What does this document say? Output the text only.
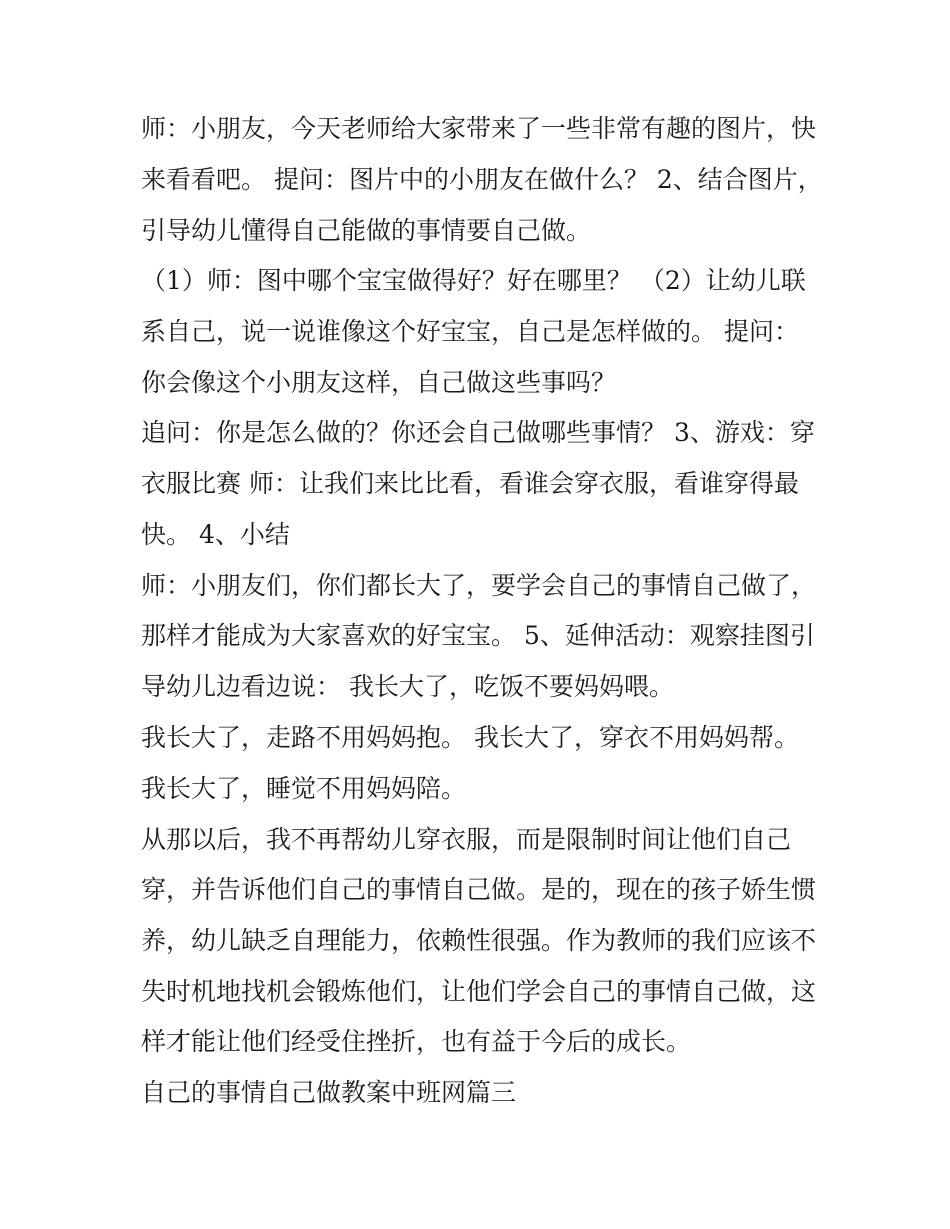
师：小朋友，今天老师给大家带来了一些非常有趣的图片，快

来看看吧。 提问：图片中的小朋友在做什么？ 2、结合图片，

引导幼儿懂得自己能做的事情要自己做。

（1）师：图中哪个宝宝做得好？好在哪里？ （2）让幼儿联

系自己，说一说谁像这个好宝宝，自己是怎样做的。 提问：

你会像这个小朋友这样，自己做这些事吗？

追问：你是怎么做的？你还会自己做哪些事情？ 3、游戏：穿

衣服比赛 师：让我们来比比看，看谁会穿衣服，看谁穿得最

快。 4、小结

师：小朋友们，你们都长大了，要学会自己的事情自己做了，

那样才能成为大家喜欢的好宝宝。 5、延伸活动：观察挂图引

导幼儿边看边说： 我长大了，吃饭不要妈妈喂。

我长大了，走路不用妈妈抱。 我长大了，穿衣不用妈妈帮。

我长大了，睡觉不用妈妈陪。

从那以后，我不再帮幼儿穿衣服，而是限制时间让他们自己

穿，并告诉他们自己的事情自己做。是的，现在的孩子娇生惯

养，幼儿缺乏自理能力，依赖性很强。作为教师的我们应该不

失时机地找机会锻炼他们，让他们学会自己的事情自己做，这

样才能让他们经受住挫折，也有益于今后的成长。

自己的事情自己做教案中班网篇三
